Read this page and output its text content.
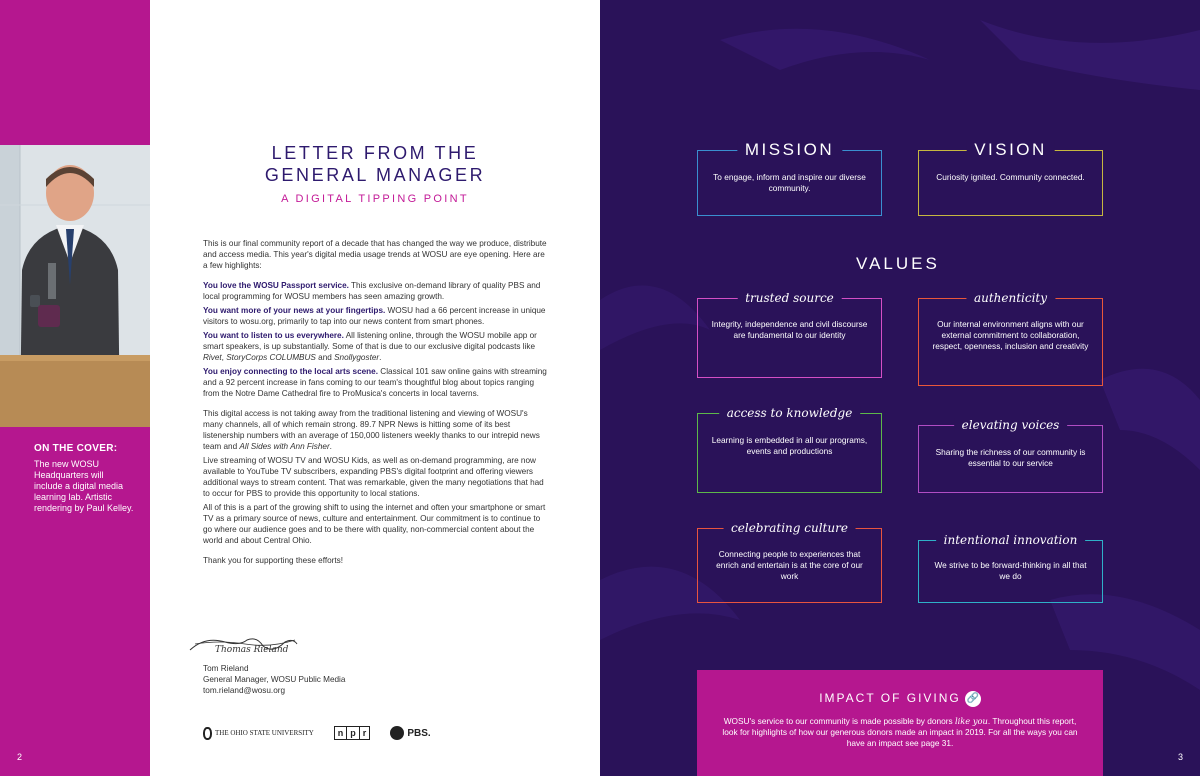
ON THE COVER:
The new WOSU Headquarters will include a digital media learning lab. Artistic rendering by Paul Kelley.
2
LETTER FROM THE
GENERAL MANAGER
A DIGITAL TIPPING POINT

This is our final community report of a decade that has changed the way we produce, distribute and access media. This year's digital media usage trends at WOSU are eye opening. Here are a few highlights:

You love the WOSU Passport service. This exclusive on-demand library of quality PBS and local programming for WOSU members has seen amazing growth.

You want more of your news at your fingertips. WOSU had a 66 percent increase in unique visitors to wosu.org, primarily to tap into our news content from smart phones.

You want to listen to us everywhere. All listening online, through the WOSU mobile app or smart speakers, is up substantially. Some of that is due to our exclusive digital podcasts like Rivet, StoryCorps COLUMBUS and Snollygoster.

You enjoy connecting to the local arts scene. Classical 101 saw online gains with streaming and a 92 percent increase in fans coming to our team's thoughtful blog about topics ranging from the Notre Dame Cathedral fire to ProMusica's concerts in local taverns.

This digital access is not taking away from the traditional listening and viewing of WOSU's many channels, all of which remain strong. 89.7 NPR News is hitting some of its best listenership numbers with an average of 150,000 listeners weekly thanks to our intrepid news team and All Sides with Ann Fisher.

Live streaming of WOSU TV and WOSU Kids, as well as on-demand programming, are now available to YouTube TV subscribers, expanding PBS's digital footprint and offering viewers additional ways to stream content. That was remarkable, given the many negotiations that had to occur for PBS to provide this opportunity to local stations.

All of this is a part of the growing shift to using the internet and often your smartphone or smart TV as a primary source of news, culture and entertainment. Our commitment is to continue to go where our audience goes and to be there with quality, non-commercial content about the world and about Central Ohio.

Thank you for supporting these efforts!

Thomas Rieland
Tom Rieland
General Manager, WOSU Public Media
tom.rieland@wosu.org
THE OHIO STATE UNIVERSITY	n p r	PBS.
MISSION
To engage, inform and inspire our diverse community.
VISION
Curiosity ignited. Community connected.
VALUES
trusted source
Integrity, independence and civil discourse are fundamental to our identity
authenticity
Our internal environment aligns with our external commitment to collaboration, respect, openness, inclusion and creativity
access to knowledge
Learning is embedded in all our programs, events and productions
elevating voices
Sharing the richness of our community is essential to our service
celebrating culture
Connecting people to experiences that enrich and entertain is at the core of our work
intentional innovation
We strive to be forward-thinking in all that we do
IMPACT OF GIVING 🔗
WOSU's service to our community is made possible by donors like you. Throughout this report, look for highlights of how our generous donors made an impact in 2019. For all the ways you can have an impact see page 31.
3
